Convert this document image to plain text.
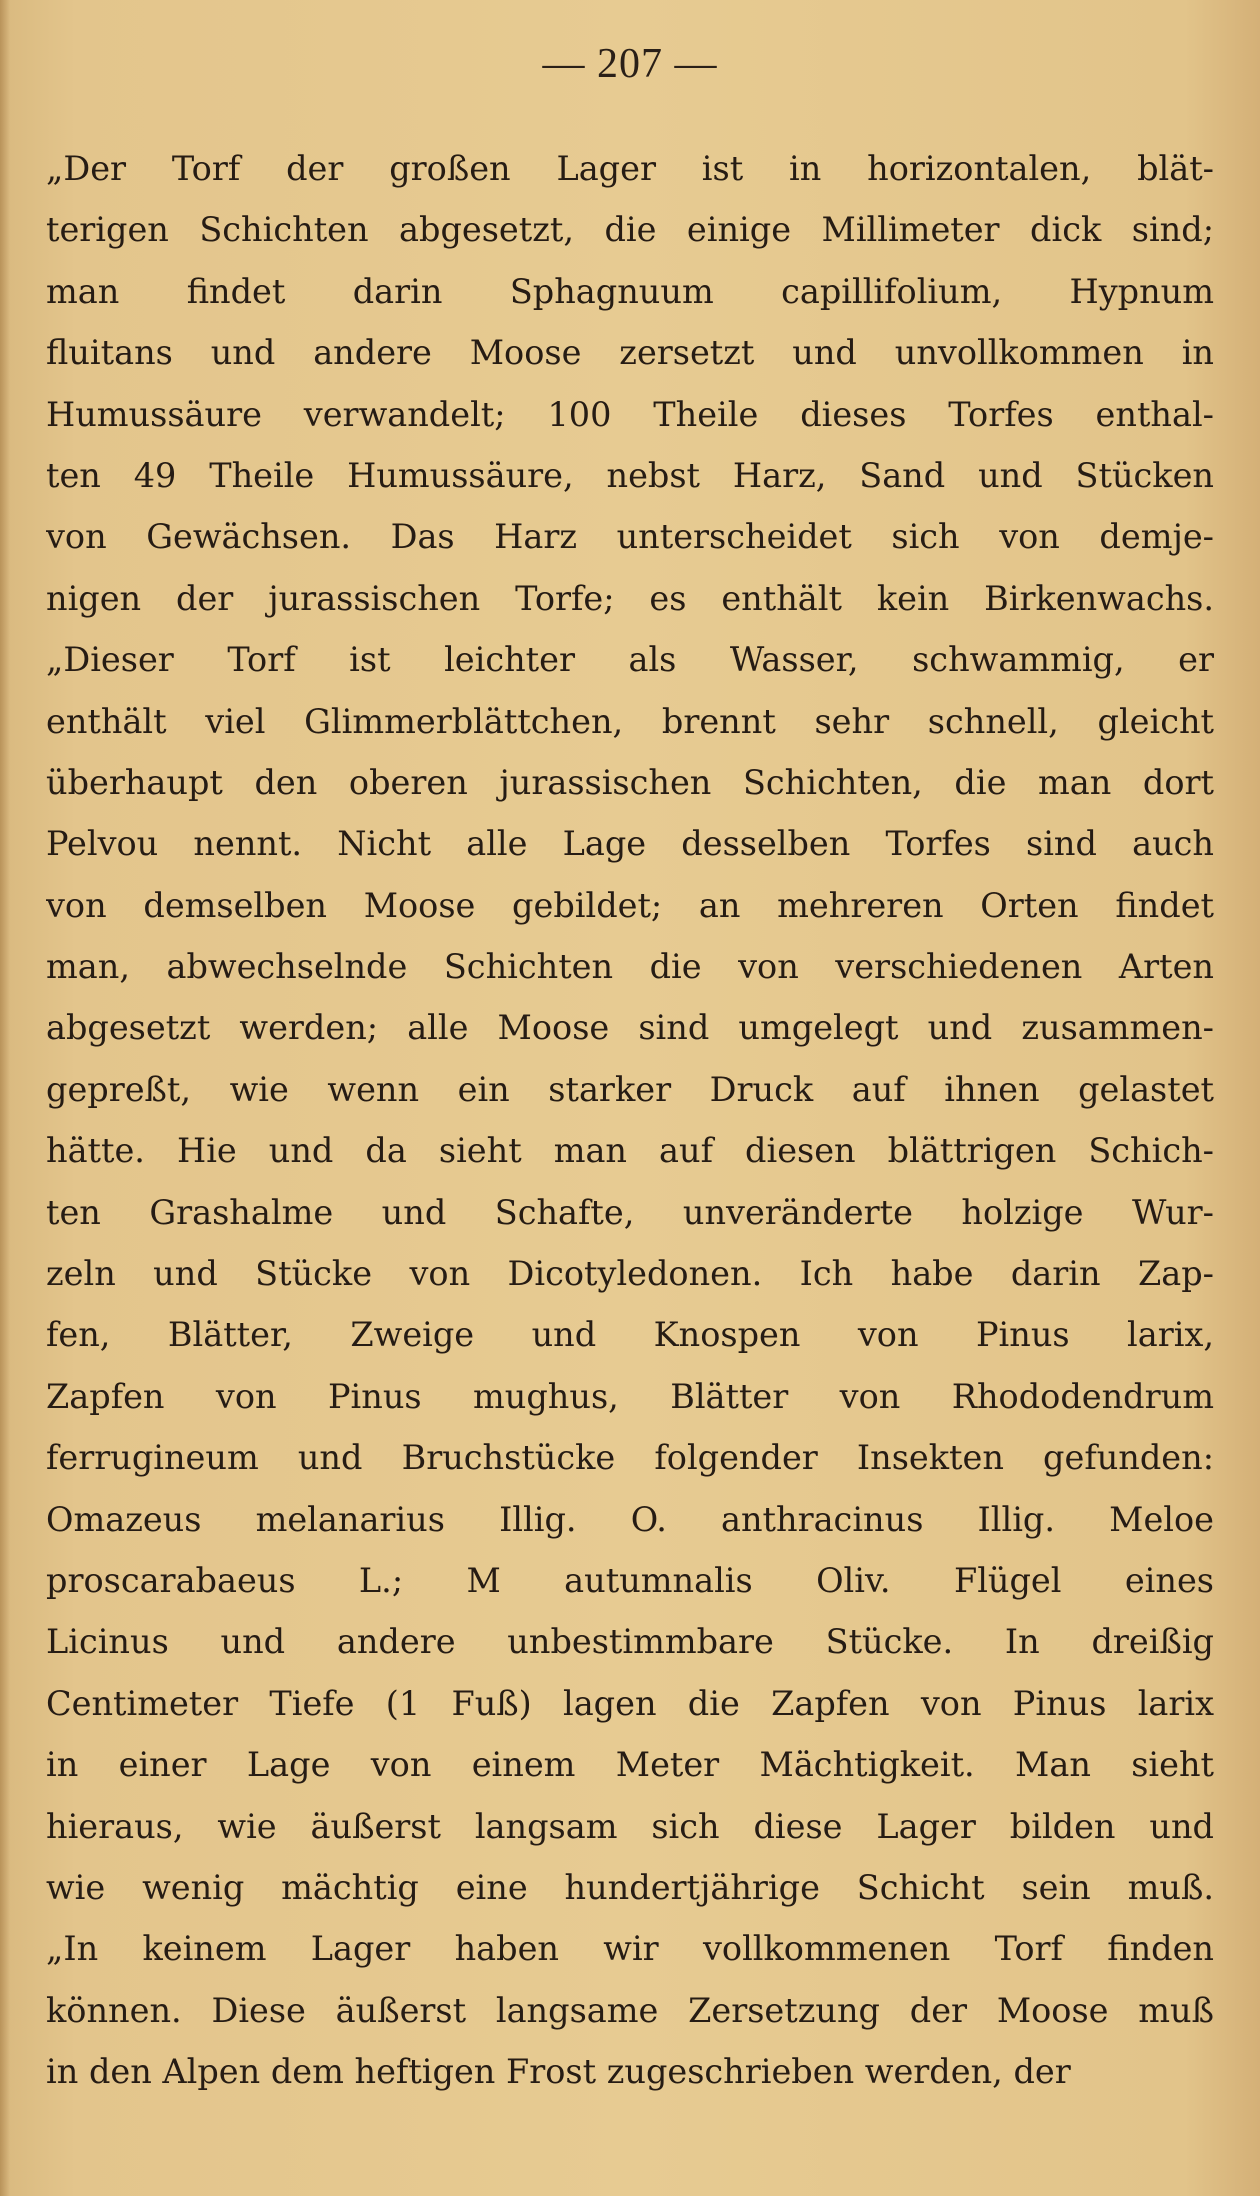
— 207 —
„Der Torf der großen Lager ist in horizontalen, blät-
terigen Schichten abgesetzt, die einige Millimeter dick sind;
man findet darin Sphagnuum capillifolium, Hypnum
fluitans und andere Moose zersetzt und unvollkommen in
Humussäure verwandelt; 100 Theile dieses Torfes enthal-
ten 49 Theile Humussäure, nebst Harz, Sand und Stücken
von Gewächsen. Das Harz unterscheidet sich von demje-
nigen der jurassischen Torfe; es enthält kein Birkenwachs.
„Dieser Torf ist leichter als Wasser, schwammig, er
enthält viel Glimmerblättchen, brennt sehr schnell, gleicht
überhaupt den oberen jurassischen Schichten, die man dort
Pelvou nennt. Nicht alle Lage desselben Torfes sind auch
von demselben Moose gebildet; an mehreren Orten findet
man, abwechselnde Schichten die von verschiedenen Arten
abgesetzt werden; alle Moose sind umgelegt und zusammen-
gepreßt, wie wenn ein starker Druck auf ihnen gelastet
hätte. Hie und da sieht man auf diesen blättrigen Schich-
ten Grashalme und Schafte, unveränderte holzige Wur-
zeln und Stücke von Dicotyledonen. Ich habe darin Zap-
fen, Blätter, Zweige und Knospen von Pinus larix,
Zapfen von Pinus mughus, Blätter von Rhododendrum
ferrugineum und Bruchstücke folgender Insekten gefunden:
Omazeus melanarius Illig. O. anthracinus Illig. Meloe
proscarabaeus L.; M autumnalis Oliv. Flügel eines
Licinus und andere unbestimmbare Stücke. In dreißig
Centimeter Tiefe (1 Fuß) lagen die Zapfen von Pinus larix
in einer Lage von einem Meter Mächtigkeit. Man sieht
hieraus, wie äußerst langsam sich diese Lager bilden und
wie wenig mächtig eine hundertjährige Schicht sein muß.
„In keinem Lager haben wir vollkommenen Torf finden
können. Diese äußerst langsame Zersetzung der Moose muß
in den Alpen dem heftigen Frost zugeschrieben werden, der
